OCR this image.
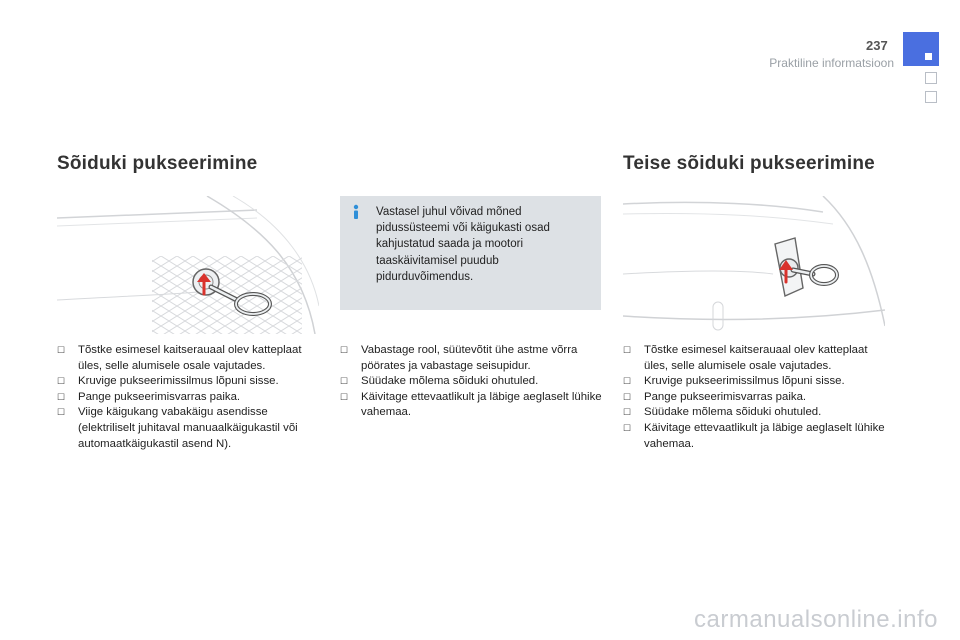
237
Praktiline informatsioon
Sõiduki pukseerimine	Teise sõiduki pukseerimine
Vastasel juhul võivad mõned pidussüsteemi või käigukasti osad kahjustatud saada ja mootori taaskäivitamisel puudub pidurduvõimendus.
☐ Tõstke esimesel kaitserauaal olev katteplaat üles, selle alumisele osale vajutades.
☐ Kruvige pukseerimissilmus lõpuni sisse.
☐ Pange pukseerimisvarras paika.
☐ Viige käigukang vabakäigu asendisse (elektriliselt juhitaval manuaalkäigukastil või automaatkäigukastil asend N).
☐ Vabastage rool, süütevõtit ühe astme võrra pöörates ja vabastage seisupidur.
☐ Süüdake mõlema sõiduki ohutuled.
☐ Käivitage ettevaatlikult ja läbige aeglaselt lühike vahemaa.
☐ Tõstke esimesel kaitserauaal olev katteplaat üles, selle alumisele osale vajutades.
☐ Kruvige pukseerimissilmus lõpuni sisse.
☐ Pange pukseerimisvarras paika.
☐ Süüdake mõlema sõiduki ohutuled.
☐ Käivitage ettevaatlikult ja läbige aeglaselt lühike vahemaa.
carmanualsonline.info
